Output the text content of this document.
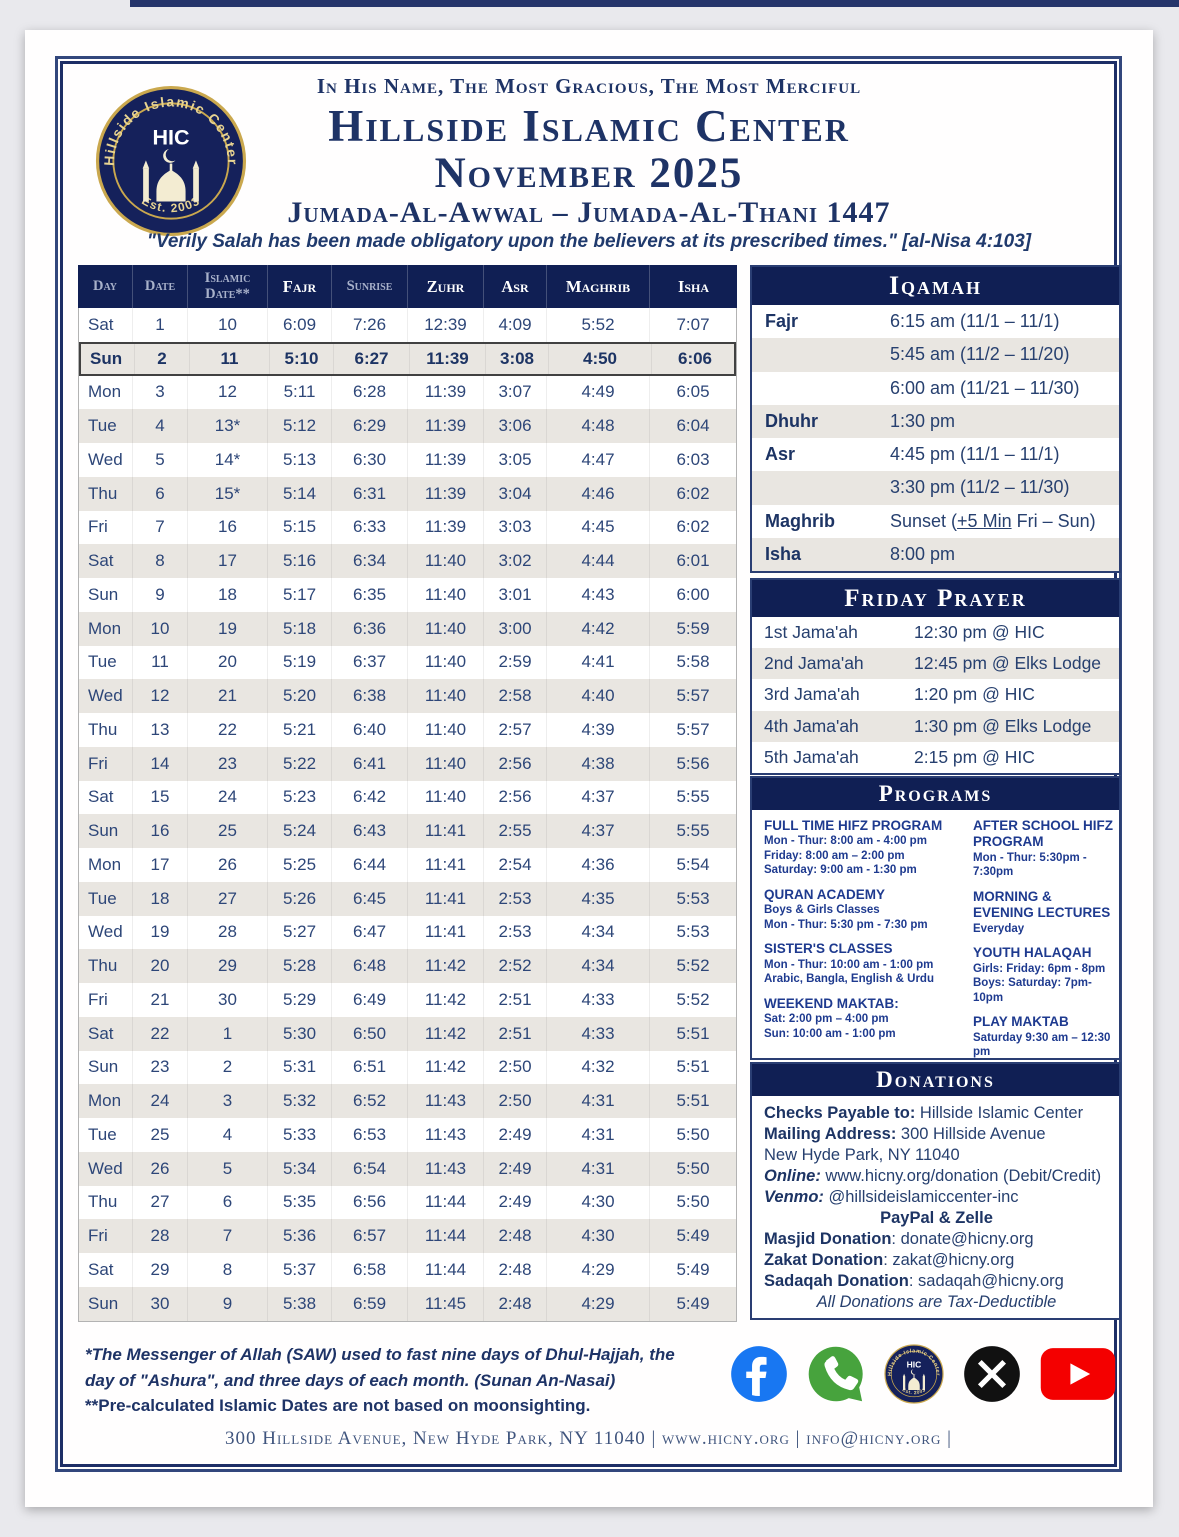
In His Name, The Most Gracious, The Most Merciful
Hillside Islamic Center
November 2025
Jumada-Al-Awwal – Jumada-Al-Thani 1447
"Verily Salah has been made obligatory upon the believers at its prescribed times." [al-Nisa 4:103]
Day	Date	Islamic Date**	Fajr	Sunrise	Zuhr	Asr	Maghrib	Isha
Sat	1	10	6:09	7:26	12:39	4:09	5:52	7:07
Sun	2	11	5:10	6:27	11:39	3:08	4:50	6:06
Mon	3	12	5:11	6:28	11:39	3:07	4:49	6:05
Tue	4	13*	5:12	6:29	11:39	3:06	4:48	6:04
Wed	5	14*	5:13	6:30	11:39	3:05	4:47	6:03
Thu	6	15*	5:14	6:31	11:39	3:04	4:46	6:02
Fri	7	16	5:15	6:33	11:39	3:03	4:45	6:02
Sat	8	17	5:16	6:34	11:40	3:02	4:44	6:01
Sun	9	18	5:17	6:35	11:40	3:01	4:43	6:00
Mon	10	19	5:18	6:36	11:40	3:00	4:42	5:59
Tue	11	20	5:19	6:37	11:40	2:59	4:41	5:58
Wed	12	21	5:20	6:38	11:40	2:58	4:40	5:57
Thu	13	22	5:21	6:40	11:40	2:57	4:39	5:57
Fri	14	23	5:22	6:41	11:40	2:56	4:38	5:56
Sat	15	24	5:23	6:42	11:40	2:56	4:37	5:55
Sun	16	25	5:24	6:43	11:41	2:55	4:37	5:55
Mon	17	26	5:25	6:44	11:41	2:54	4:36	5:54
Tue	18	27	5:26	6:45	11:41	2:53	4:35	5:53
Wed	19	28	5:27	6:47	11:41	2:53	4:34	5:53
Thu	20	29	5:28	6:48	11:42	2:52	4:34	5:52
Fri	21	30	5:29	6:49	11:42	2:51	4:33	5:52
Sat	22	1	5:30	6:50	11:42	2:51	4:33	5:51
Sun	23	2	5:31	6:51	11:42	2:50	4:32	5:51
Mon	24	3	5:32	6:52	11:43	2:50	4:31	5:51
Tue	25	4	5:33	6:53	11:43	2:49	4:31	5:50
Wed	26	5	5:34	6:54	11:43	2:49	4:31	5:50
Thu	27	6	5:35	6:56	11:44	2:49	4:30	5:50
Fri	28	7	5:36	6:57	11:44	2:48	4:30	5:49
Sat	29	8	5:37	6:58	11:44	2:48	4:29	5:49
Sun	30	9	5:38	6:59	11:45	2:48	4:29	5:49
Iqamah
Fajr	6:15 am (11/1 – 11/1)
5:45 am (11/2 – 11/20)
6:00 am (11/21 – 11/30)
Dhuhr	1:30 pm
Asr	4:45 pm (11/1 – 11/1)
3:30 pm (11/2 – 11/30)
Maghrib	Sunset (+5 Min Fri – Sun)
Isha	8:00 pm
Friday Prayer
1st Jama'ah	12:30 pm @ HIC
2nd Jama'ah	12:45 pm @ Elks Lodge
3rd Jama'ah	1:20 pm @ HIC
4th Jama'ah	1:30 pm @ Elks Lodge
5th Jama'ah	2:15 pm @ HIC
Programs
FULL TIME HIFZ PROGRAM
Mon - Thur: 8:00 am - 4:00 pm
Friday: 8:00 am – 2:00 pm
Saturday: 9:00 am - 1:30 pm
QURAN ACADEMY
Boys & Girls Classes
Mon - Thur: 5:30 pm - 7:30 pm
SISTER'S CLASSES
Mon - Thur: 10:00 am - 1:00 pm
Arabic, Bangla, English & Urdu
WEEKEND MAKTAB:
Sat: 2:00 pm – 4:00 pm
Sun: 10:00 am - 1:00 pm
AFTER SCHOOL HIFZ PROGRAM
Mon - Thur: 5:30pm - 7:30pm
MORNING & EVENING LECTURES
Everyday
YOUTH HALAQAH
Girls: Friday: 6pm - 8pm
Boys: Saturday: 7pm-10pm
PLAY MAKTAB
Saturday 9:30 am – 12:30 pm
Donations
Checks Payable to: Hillside Islamic Center
Mailing Address: 300 Hillside Avenue
New Hyde Park, NY 11040
Online: www.hicny.org/donation (Debit/Credit)
Venmo: @hillsideislamiccenter-inc
PayPal & Zelle
Masjid Donation: donate@hicny.org
Zakat Donation: zakat@hicny.org
Sadaqah Donation: sadaqah@hicny.org
All Donations are Tax-Deductible
*The Messenger of Allah (SAW) used to fast nine days of Dhul-Hajjah, the day of "Ashura", and three days of each month. (Sunan An-Nasai)
**Pre-calculated Islamic Dates are not based on moonsighting.
300 Hillside Avenue, New Hyde Park, NY 11040 | www.hicny.org | info@hicny.org |
